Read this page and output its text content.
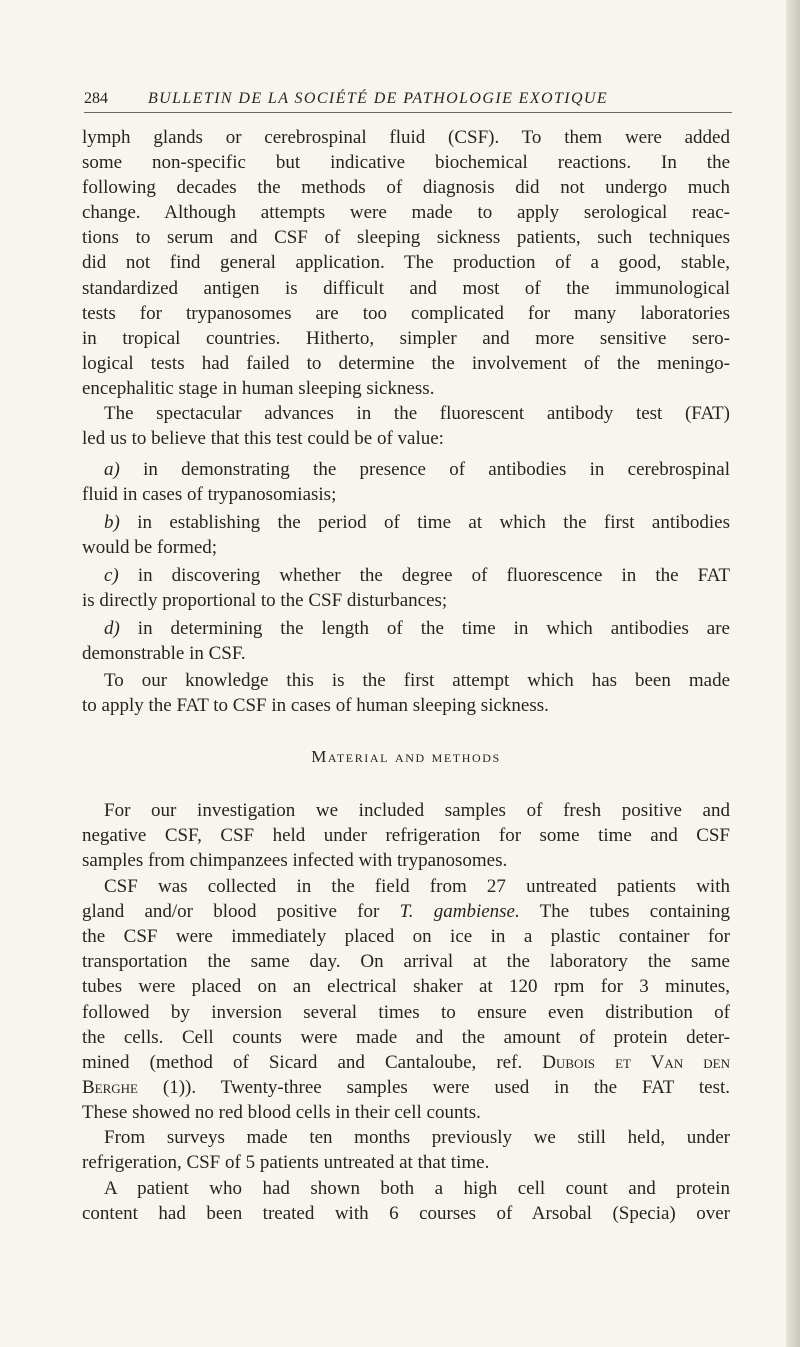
284	BULLETIN DE LA SOCIÉTÉ DE PATHOLOGIE EXOTIQUE
lymph glands or cerebrospinal fluid (CSF). To them were added
some non-specific but indicative biochemical reactions. In the
following decades the methods of diagnosis did not undergo much
change. Although attempts were made to apply serological reac-
tions to serum and CSF of sleeping sickness patients, such techniques
did not find general application. The production of a good, stable,
standardized antigen is difficult and most of the immunological
tests for trypanosomes are too complicated for many laboratories
in tropical countries. Hitherto, simpler and more sensitive sero-
logical tests had failed to determine the involvement of the meningo-
encephalitic stage in human sleeping sickness.
The spectacular advances in the fluorescent antibody test (FAT)
led us to believe that this test could be of value:
a) in demonstrating the presence of antibodies in cerebrospinal
fluid in cases of trypanosomiasis;
b) in establishing the period of time at which the first antibodies
would be formed;
c) in discovering whether the degree of fluorescence in the FAT
is directly proportional to the CSF disturbances;
d) in determining the length of the time in which antibodies are
demonstrable in CSF.
To our knowledge this is the first attempt which has been made
to apply the FAT to CSF in cases of human sleeping sickness.
Material and methods
For our investigation we included samples of fresh positive and
negative CSF, CSF held under refrigeration for some time and CSF
samples from chimpanzees infected with trypanosomes.
CSF was collected in the field from 27 untreated patients with
gland and/or blood positive for T. gambiense. The tubes containing
the CSF were immediately placed on ice in a plastic container for
transportation the same day. On arrival at the laboratory the same
tubes were placed on an electrical shaker at 120 rpm for 3 minutes,
followed by inversion several times to ensure even distribution of
the cells. Cell counts were made and the amount of protein deter-
mined (method of Sicard and Cantaloube, ref. Dubois et Van den
Berghe (1)). Twenty-three samples were used in the FAT test.
These showed no red blood cells in their cell counts.
From surveys made ten months previously we still held, under
refrigeration, CSF of 5 patients untreated at that time.
A patient who had shown both a high cell count and protein
content had been treated with 6 courses of Arsobal (Specia) over
